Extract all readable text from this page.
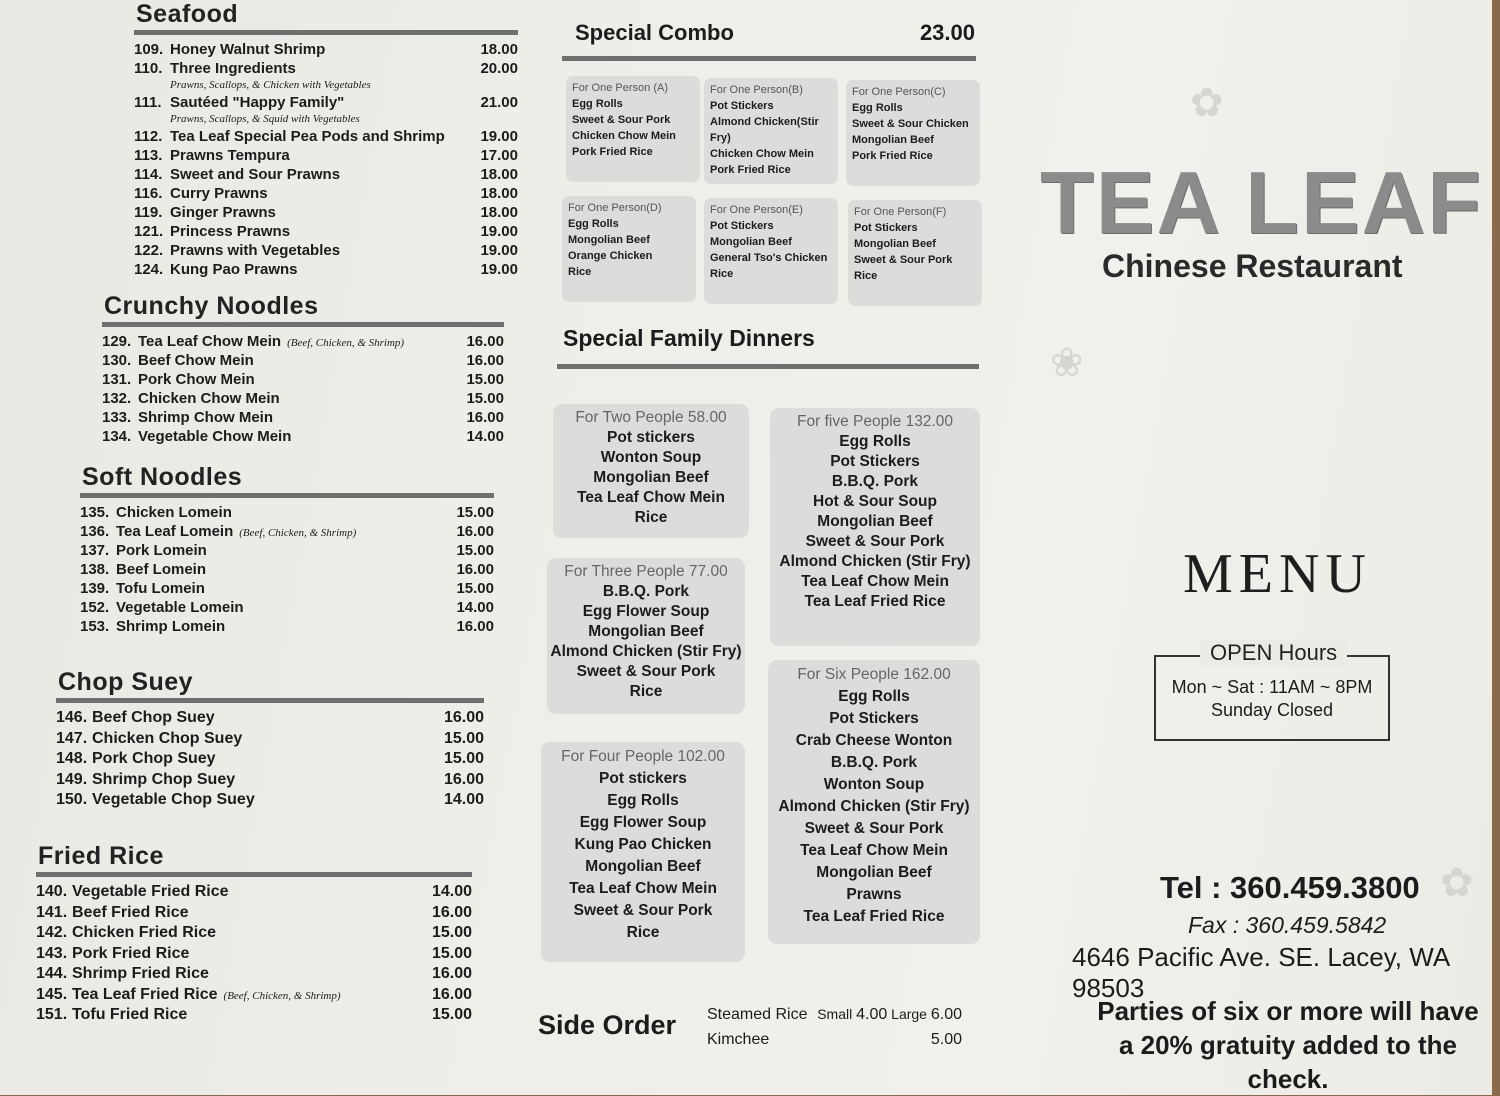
✿
❀
✿
Seafood
109. Honey Walnut Shrimp	18.00
110. Three Ingredients	20.00
Prawns, Scallops, & Chicken with Vegetables
111. Sautéed "Happy Family"	21.00
Prawns, Scallops, & Squid with Vegetables
112. Tea Leaf Special Pea Pods and Shrimp	19.00
113. Prawns Tempura	17.00
114. Sweet and Sour Prawns	18.00
116. Curry Prawns	18.00
119. Ginger Prawns	18.00
121. Princess Prawns	19.00
122. Prawns with Vegetables	19.00
124. Kung Pao Prawns	19.00
Crunchy Noodles
129. Tea Leaf Chow Mein (Beef, Chicken, & Shrimp)	16.00
130. Beef Chow Mein	16.00
131. Pork Chow Mein	15.00
132. Chicken Chow Mein	15.00
133. Shrimp Chow Mein	16.00
134. Vegetable Chow Mein	14.00
Soft Noodles
135. Chicken Lomein	15.00
136. Tea Leaf Lomein (Beef, Chicken, & Shrimp)	16.00
137. Pork Lomein	15.00
138. Beef Lomein	16.00
139. Tofu Lomein	15.00
152. Vegetable Lomein	14.00
153. Shrimp Lomein	16.00
Chop Suey
146. Beef Chop Suey	16.00
147. Chicken Chop Suey	15.00
148. Pork Chop Suey	15.00
149. Shrimp Chop Suey	16.00
150. Vegetable Chop Suey	14.00
Fried Rice
140. Vegetable Fried Rice	14.00
141. Beef Fried Rice	16.00
142. Chicken Fried Rice	15.00
143. Pork Fried Rice	15.00
144. Shrimp Fried Rice	16.00
145. Tea Leaf Fried Rice (Beef, Chicken, & Shrimp)	16.00
151. Tofu Fried Rice	15.00
Special Combo	23.00
For One Person (A)
Egg Rolls
Sweet & Sour Pork
Chicken Chow Mein
Pork Fried Rice
For One Person(B)
Pot Stickers
Almond Chicken(Stir Fry)
Chicken Chow Mein
Pork Fried Rice
For One Person(C)
Egg Rolls
Sweet & Sour Chicken
Mongolian Beef
Pork Fried Rice
For One Person(D)
Egg Rolls
Mongolian Beef
Orange Chicken
Rice
For One Person(E)
Pot Stickers
Mongolian Beef
General Tso's Chicken
Rice
For One Person(F)
Pot Stickers
Mongolian Beef
Sweet & Sour Pork
Rice
Special Family Dinners
For Two People 58.00
Pot stickers
Wonton Soup
Mongolian Beef
Tea Leaf Chow Mein
Rice
For Three People 77.00
B.B.Q. Pork
Egg Flower Soup
Mongolian Beef
Almond Chicken (Stir Fry)
Sweet & Sour Pork
Rice
For Four People 102.00
Pot stickers
Egg Rolls
Egg Flower Soup
Kung Pao Chicken
Mongolian Beef
Tea Leaf Chow Mein
Sweet & Sour Pork
Rice
For five People 132.00
Egg Rolls
Pot Stickers
B.B.Q. Pork
Hot & Sour Soup
Mongolian Beef
Sweet & Sour Pork
Almond Chicken (Stir Fry)
Tea Leaf Chow Mein
Tea Leaf Fried Rice
For Six People 162.00
Egg Rolls
Pot Stickers
Crab Cheese Wonton
B.B.Q. Pork
Wonton Soup
Almond Chicken (Stir Fry)
Sweet & Sour Pork
Tea Leaf Chow Mein
Mongolian Beef
Prawns
Tea Leaf Fried Rice
Side Order Steamed Rice Small 4.00 Large 6.00
Kimchee	5.00
TEA LEAF
Chinese Restaurant
MENU
Mon ~ Sat : 11AM ~ 8PM
Sunday Closed
OPEN Hours
Tel : 360.459.3800
Fax : 360.459.5842
4646 Pacific Ave. SE. Lacey, WA 98503
Parties of six or more will have a 20% gratuity added to the check.
